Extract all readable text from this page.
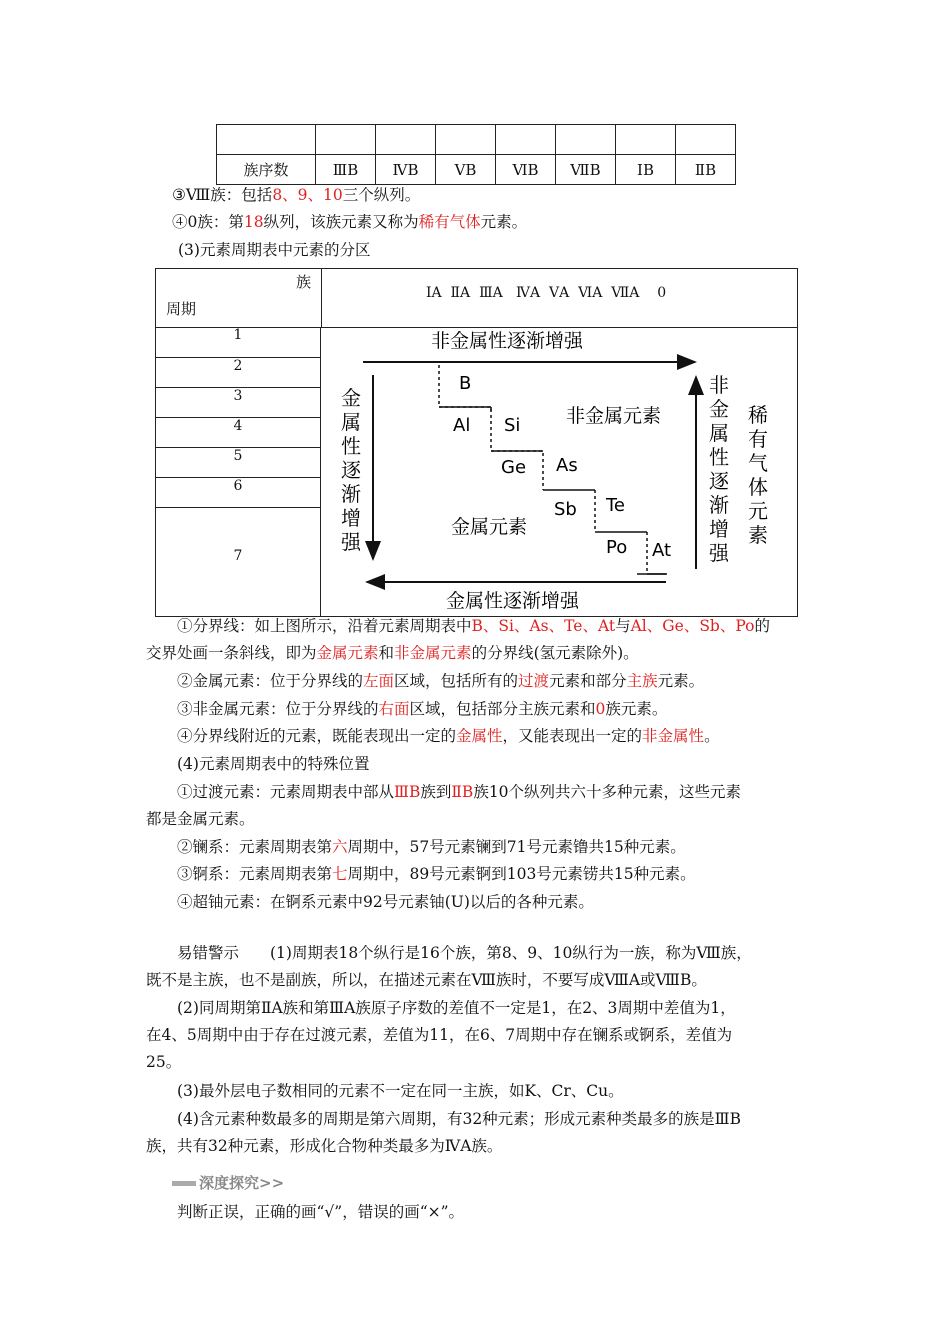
族序数	ⅢB	ⅣB	ⅤB	ⅥB	ⅦB	ⅠB	ⅡB
③Ⅷ族：包括8、9、10三个纵列。
④0族：第18纵列，该族元素又称为稀有气体元素。
(3)元素周期表中元素的分区
族
周期
ⅠA  ⅡA  ⅢA   ⅣA  ⅤA  ⅥA  ⅦA    0
1
2
3
4
5
6
7
非金属性逐渐增强
金属性逐渐增强
金
属
性
逐
渐
增
强
非
金
属
性
逐
渐
增
强
稀
有
气
体
元
素
B
Al Si
Ge As
Sb Te
Po At
非金属元素
金属元素
①分界线：如上图所示，沿着元素周期表中B、Si、As、Te、At与Al、Ge、Sb、Po的
交界处画一条斜线，即为金属元素和非金属元素的分界线(氢元素除外)。
②金属元素：位于分界线的左面区域，包括所有的过渡元素和部分主族元素。
③非金属元素：位于分界线的右面区域，包括部分主族元素和0族元素。
④分界线附近的元素，既能表现出一定的金属性，又能表现出一定的非金属性。
(4)元素周期表中的特殊位置
①过渡元素：元素周期表中部从ⅢB族到ⅡB族10个纵列共六十多种元素，这些元素
都是金属元素。
②镧系：元素周期表第六周期中，57号元素镧到71号元素镥共15种元素。
③锕系：元素周期表第七周期中，89号元素锕到103号元素铹共15种元素。
④超铀元素：在锕系元素中92号元素铀(U)以后的各种元素。
易错警示　　(1)周期表18个纵行是16个族，第8、9、10纵行为一族，称为Ⅷ族，
既不是主族，也不是副族，所以，在描述元素在Ⅷ族时，不要写成ⅧA或ⅧB。
(2)同周期第ⅡA族和第ⅢA族原子序数的差值不一定是1，在2、3周期中差值为1，
在4、5周期中由于存在过渡元素，差值为11，在6、7周期中存在镧系或锕系，差值为
25。
(3)最外层电子数相同的元素不一定在同一主族，如K、Cr、Cu。
(4)含元素种数最多的周期是第六周期，有32种元素；形成元素种类最多的族是ⅢB
族，共有32种元素，形成化合物种类最多为ⅣA族。
深度探究>>
判断正误，正确的画“√”，错误的画“×”。
